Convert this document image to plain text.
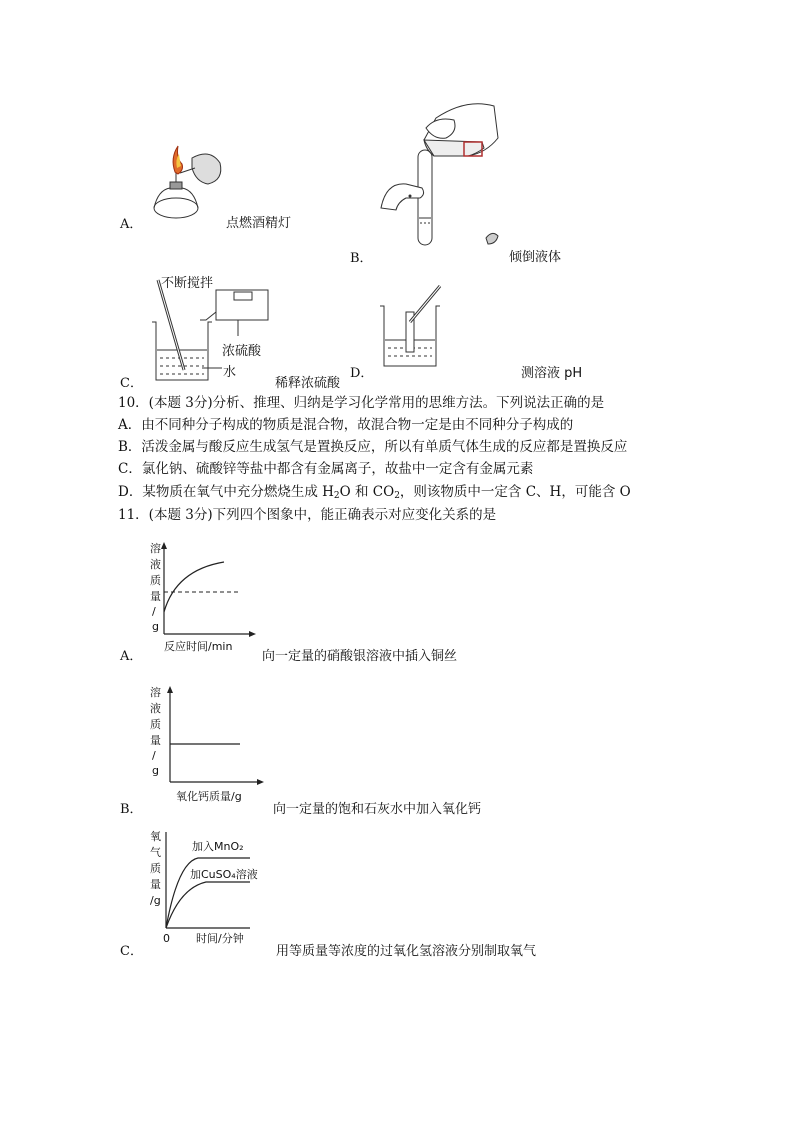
A．	点燃酒精灯
B．	倾倒液体
C．
不断搅拌
浓硫酸
水
稀释浓硫酸
D．	测溶液 pH
10．(本题 3分)分析、推理、归纳是学习化学常用的思维方法。下列说法正确的是
A．由不同种分子构成的物质是混合物，故混合物一定是由不同种分子构成的
B．活泼金属与酸反应生成氢气是置换反应，所以有单质气体生成的反应都是置换反应
C．氯化钠、硫酸锌等盐中都含有金属离子，故盐中一定含有金属元素
D．某物质在氧气中充分燃烧生成 $H_2O$ 和 $CO_2$，则该物质中一定含 C、H，可能含 O
11．(本题 3分)下列四个图象中，能正确表示对应变化关系的是
A．
溶
液
质
量
/
g
反应时间/min
向一定量的硝酸银溶液中插入铜丝
B．
溶
液
质
量
/
g
氧化钙质量/g
向一定量的饱和石灰水中加入氧化钙
C．
氧
气
质
量
/g
0 时间/分钟
加入MnO₂
加CuSO₄溶液
用等质量等浓度的过氧化氢溶液分别制取氧气
